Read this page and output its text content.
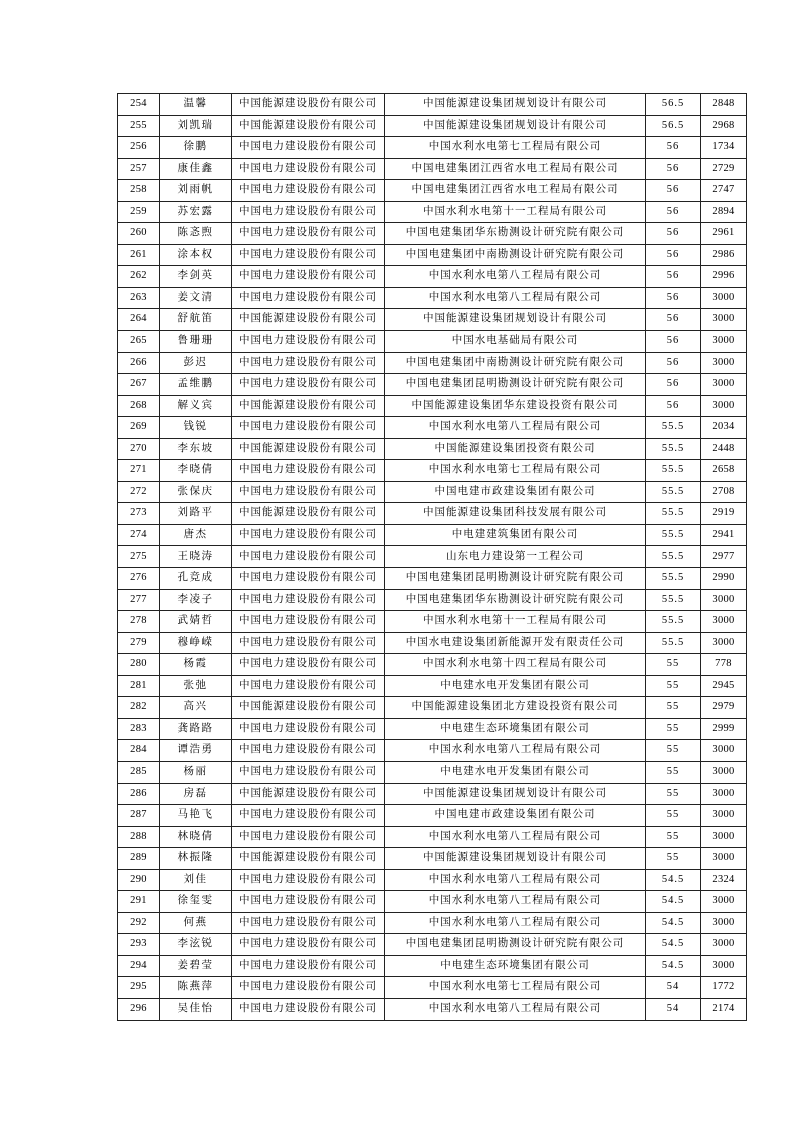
254	温馨	中国能源建设股份有限公司	中国能源建设集团规划设计有限公司	56.5	2848
255	刘凯瑞	中国能源建设股份有限公司	中国能源建设集团规划设计有限公司	56.5	2968
256	徐鹏	中国电力建设股份有限公司	中国水利水电第七工程局有限公司	56	1734
257	康佳鑫	中国电力建设股份有限公司	中国电建集团江西省水电工程局有限公司	56	2729
258	刘雨帆	中国电力建设股份有限公司	中国电建集团江西省水电工程局有限公司	56	2747
259	苏宏露	中国电力建设股份有限公司	中国水利水电第十一工程局有限公司	56	2894
260	陈忞煦	中国电力建设股份有限公司	中国电建集团华东勘测设计研究院有限公司	56	2961
261	涂本权	中国电力建设股份有限公司	中国电建集团中南勘测设计研究院有限公司	56	2986
262	李剑英	中国电力建设股份有限公司	中国水利水电第八工程局有限公司	56	2996
263	姜文清	中国电力建设股份有限公司	中国水利水电第八工程局有限公司	56	3000
264	舒航笛	中国能源建设股份有限公司	中国能源建设集团规划设计有限公司	56	3000
265	鲁珊珊	中国电力建设股份有限公司	中国水电基础局有限公司	56	3000
266	彭迟	中国电力建设股份有限公司	中国电建集团中南勘测设计研究院有限公司	56	3000
267	孟维鹏	中国电力建设股份有限公司	中国电建集团昆明勘测设计研究院有限公司	56	3000
268	解义宾	中国能源建设股份有限公司	中国能源建设集团华东建设投资有限公司	56	3000
269	钱锐	中国电力建设股份有限公司	中国水利水电第八工程局有限公司	55.5	2034
270	李东坡	中国能源建设股份有限公司	中国能源建设集团投资有限公司	55.5	2448
271	李晓倩	中国电力建设股份有限公司	中国水利水电第七工程局有限公司	55.5	2658
272	张保庆	中国电力建设股份有限公司	中国电建市政建设集团有限公司	55.5	2708
273	刘路平	中国能源建设股份有限公司	中国能源建设集团科技发展有限公司	55.5	2919
274	唐杰	中国电力建设股份有限公司	中电建建筑集团有限公司	55.5	2941
275	王晓涛	中国电力建设股份有限公司	山东电力建设第一工程公司	55.5	2977
276	孔竞成	中国电力建设股份有限公司	中国电建集团昆明勘测设计研究院有限公司	55.5	2990
277	李凌子	中国电力建设股份有限公司	中国电建集团华东勘测设计研究院有限公司	55.5	3000
278	武婧哲	中国电力建设股份有限公司	中国水利水电第十一工程局有限公司	55.5	3000
279	穆峥嵘	中国电力建设股份有限公司	中国水电建设集团新能源开发有限责任公司	55.5	3000
280	杨霞	中国电力建设股份有限公司	中国水利水电第十四工程局有限公司	55	778
281	张弛	中国电力建设股份有限公司	中电建水电开发集团有限公司	55	2945
282	高兴	中国能源建设股份有限公司	中国能源建设集团北方建设投资有限公司	55	2979
283	龚路路	中国电力建设股份有限公司	中电建生态环境集团有限公司	55	2999
284	谭浩勇	中国电力建设股份有限公司	中国水利水电第八工程局有限公司	55	3000
285	杨丽	中国电力建设股份有限公司	中电建水电开发集团有限公司	55	3000
286	房磊	中国能源建设股份有限公司	中国能源建设集团规划设计有限公司	55	3000
287	马艳飞	中国电力建设股份有限公司	中国电建市政建设集团有限公司	55	3000
288	林晓倩	中国电力建设股份有限公司	中国水利水电第八工程局有限公司	55	3000
289	林振隆	中国能源建设股份有限公司	中国能源建设集团规划设计有限公司	55	3000
290	刘佳	中国电力建设股份有限公司	中国水利水电第八工程局有限公司	54.5	2324
291	徐玺雯	中国电力建设股份有限公司	中国水利水电第八工程局有限公司	54.5	3000
292	何燕	中国电力建设股份有限公司	中国水利水电第八工程局有限公司	54.5	3000
293	李泫锐	中国电力建设股份有限公司	中国电建集团昆明勘测设计研究院有限公司	54.5	3000
294	姜碧莹	中国电力建设股份有限公司	中电建生态环境集团有限公司	54.5	3000
295	陈燕萍	中国电力建设股份有限公司	中国水利水电第七工程局有限公司	54	1772
296	吴佳怡	中国电力建设股份有限公司	中国水利水电第八工程局有限公司	54	2174
